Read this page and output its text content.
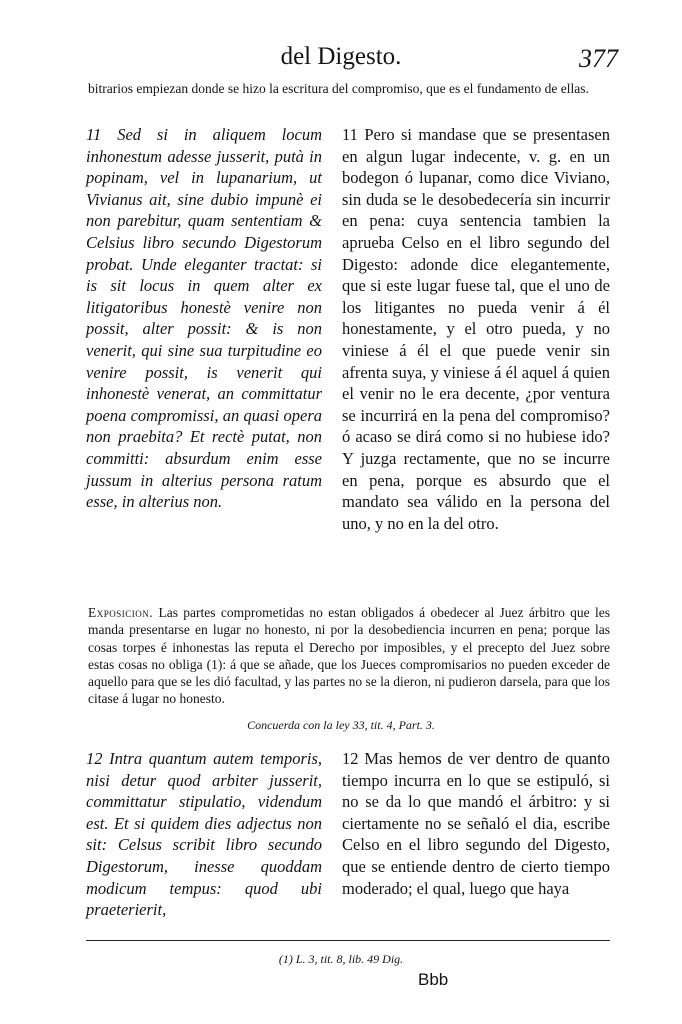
del Digesto.	377
bitrarios empiezan donde se hizo la escritura del compromiso, que es el fundamento de ellas.
11 Sed si in aliquem locum inhonestum adesse jusserit, putà in popinam, vel in lupanarium, ut Vivianus ait, sine dubio impunè ei non parebitur, quam sententiam & Celsius libro secundo Digestorum probat. Unde eleganter tractat: si is sit locus in quem alter ex litigatoribus honestè venire non possit, alter possit: & is non venerit, qui sine sua turpitudine eo venire possit, is venerit qui inhonestè venerat, an committatur poena compromissi, an quasi opera non praebita? Et rectè putat, non committi: absurdum enim esse jussum in alterius persona ratum esse, in alterius non.
11 Pero si mandase que se presentasen en algun lugar indecente, v. g. en un bodegon ó lupanar, como dice Viviano, sin duda se le desobedecería sin incurrir en pena: cuya sentencia tambien la aprueba Celso en el libro segundo del Digesto: adonde dice elegantemente, que si este lugar fuese tal, que el uno de los litigantes no pueda venir á él honestamente, y el otro pueda, y no viniese á él el que puede venir sin afrenta suya, y viniese á él aquel á quien el venir no le era decente, ¿por ventura se incurrirá en la pena del compromiso? ó acaso se dirá como si no hubiese ido? Y juzga rectamente, que no se incurre en pena, porque es absurdo que el mandato sea válido en la persona del uno, y no en la del otro.
Exposicion. Las partes comprometidas no estan obligados á obedecer al Juez árbitro que les manda presentarse en lugar no honesto, ni por la desobediencia incurren en pena; porque las cosas torpes é inhonestas las reputa el Derecho por imposibles, y el precepto del Juez sobre estas cosas no obliga (1): á que se añade, que los Jueces compromisarios no pueden exceder de aquello para que se les dió facultad, y las partes no se la dieron, ni pudieron darsela, para que los citase á lugar no honesto.
Concuerda con la ley 33, tit. 4, Part. 3.
12 Intra quantum autem temporis, nisi detur quod arbiter jusserit, committatur stipulatio, videndum est. Et si quidem dies adjectus non sit: Celsus scribit libro secundo Digestorum, inesse quoddam modicum tempus: quod ubi praeterierit,
12 Mas hemos de ver dentro de quanto tiempo incurra en lo que se estipuló, si no se da lo que mandó el árbitro: y si ciertamente no se señaló el dia, escribe Celso en el libro segundo del Digesto, que se entiende dentro de cierto tiempo moderado; el qual, luego que haya
(1) L. 3, tit. 8, lib. 49 Dig.
Bbb
